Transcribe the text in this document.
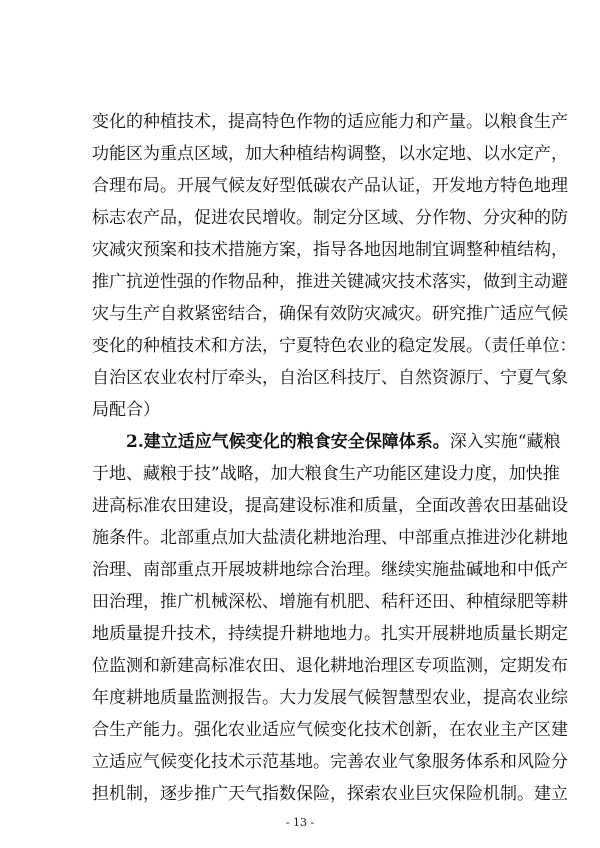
变化的种植技术，提高特色作物的适应能力和产量。以粮食生产
功能区为重点区域，加大种植结构调整，以水定地、以水定产，
合理布局。开展气候友好型低碳农产品认证，开发地方特色地理
标志农产品，促进农民增收。制定分区域、分作物、分灾种的防
灾减灾预案和技术措施方案，指导各地因地制宜调整种植结构，
推广抗逆性强的作物品种，推进关键减灾技术落实，做到主动避
灾与生产自救紧密结合，确保有效防灾减灾。研究推广适应气候
变化的种植技术和方法，宁夏特色农业的稳定发展。（责任单位：
自治区农业农村厅牵头，自治区科技厅、自然资源厅、宁夏气象
局配合）
2.建立适应气候变化的粮食安全保障体系。深入实施“藏粮
于地、藏粮于技”战略，加大粮食生产功能区建设力度，加快推
进高标准农田建设，提高建设标准和质量，全面改善农田基础设
施条件。北部重点加大盐渍化耕地治理、中部重点推进沙化耕地
治理、南部重点开展坡耕地综合治理。继续实施盐碱地和中低产
田治理，推广机械深松、增施有机肥、秸秆还田、种植绿肥等耕
地质量提升技术，持续提升耕地地力。扎实开展耕地质量长期定
位监测和新建高标准农田、退化耕地治理区专项监测，定期发布
年度耕地质量监测报告。大力发展气候智慧型农业，提高农业综
合生产能力。强化农业适应气候变化技术创新，在农业主产区建
立适应气候变化技术示范基地。完善农业气象服务体系和风险分
担机制，逐步推广天气指数保险，探索农业巨灾保险机制。建立
- 13 -
